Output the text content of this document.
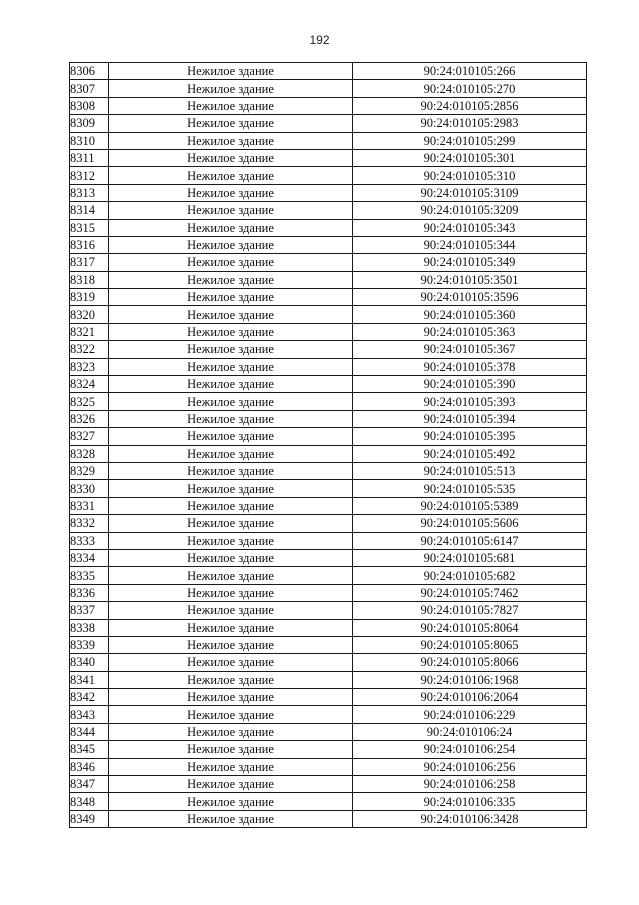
192
8306	Нежилое здание	90:24:010105:266
8307	Нежилое здание	90:24:010105:270
8308	Нежилое здание	90:24:010105:2856
8309	Нежилое здание	90:24:010105:2983
8310	Нежилое здание	90:24:010105:299
8311	Нежилое здание	90:24:010105:301
8312	Нежилое здание	90:24:010105:310
8313	Нежилое здание	90:24:010105:3109
8314	Нежилое здание	90:24:010105:3209
8315	Нежилое здание	90:24:010105:343
8316	Нежилое здание	90:24:010105:344
8317	Нежилое здание	90:24:010105:349
8318	Нежилое здание	90:24:010105:3501
8319	Нежилое здание	90:24:010105:3596
8320	Нежилое здание	90:24:010105:360
8321	Нежилое здание	90:24:010105:363
8322	Нежилое здание	90:24:010105:367
8323	Нежилое здание	90:24:010105:378
8324	Нежилое здание	90:24:010105:390
8325	Нежилое здание	90:24:010105:393
8326	Нежилое здание	90:24:010105:394
8327	Нежилое здание	90:24:010105:395
8328	Нежилое здание	90:24:010105:492
8329	Нежилое здание	90:24:010105:513
8330	Нежилое здание	90:24:010105:535
8331	Нежилое здание	90:24:010105:5389
8332	Нежилое здание	90:24:010105:5606
8333	Нежилое здание	90:24:010105:6147
8334	Нежилое здание	90:24:010105:681
8335	Нежилое здание	90:24:010105:682
8336	Нежилое здание	90:24:010105:7462
8337	Нежилое здание	90:24:010105:7827
8338	Нежилое здание	90:24:010105:8064
8339	Нежилое здание	90:24:010105:8065
8340	Нежилое здание	90:24:010105:8066
8341	Нежилое здание	90:24:010106:1968
8342	Нежилое здание	90:24:010106:2064
8343	Нежилое здание	90:24:010106:229
8344	Нежилое здание	90:24:010106:24
8345	Нежилое здание	90:24:010106:254
8346	Нежилое здание	90:24:010106:256
8347	Нежилое здание	90:24:010106:258
8348	Нежилое здание	90:24:010106:335
8349	Нежилое здание	90:24:010106:3428
